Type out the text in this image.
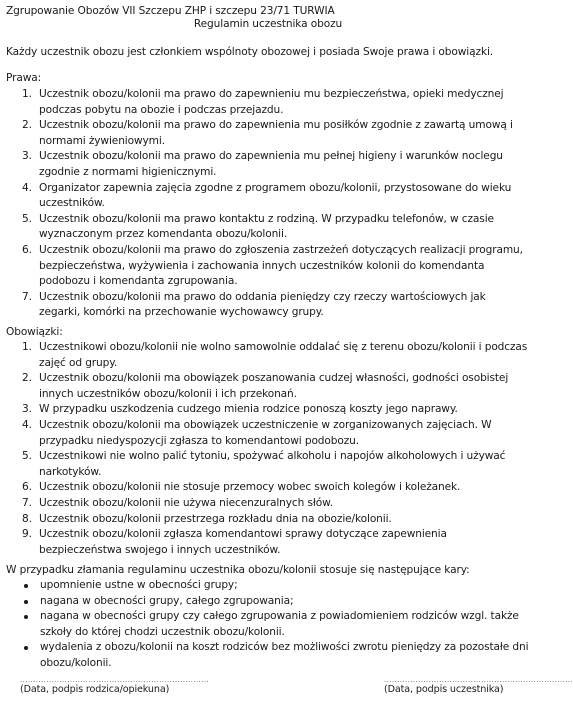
Zgrupowanie Obozów VII Szczepu ZHP i szczepu 23/71 TURWIA
Regulamin uczestnika obozu
Każdy uczestnik obozu jest członkiem wspólnoty obozowej i posiada Swoje prawa i obowiązki.
Prawa:
1. Uczestnik obozu/kolonii ma prawo do zapewnieniu mu bezpieczeństwa, opieki medycznej podczas pobytu na obozie i podczas przejazdu.
2. Uczestnik obozu/kolonii ma prawo do zapewnienia mu posiłków zgodnie z zawartą umową i normami żywieniowymi.
3. Uczestnik obozu/kolonii ma prawo do zapewnienia mu pełnej higieny i warunków noclegu zgodnie z normami higienicznymi.
4. Organizator zapewnia zajęcia zgodne z programem obozu/kolonii, przystosowane do wieku uczestników.
5. Uczestnik obozu/kolonii ma prawo kontaktu z rodziną. W przypadku telefonów, w czasie wyznaczonym przez komendanta obozu/kolonii.
6. Uczestnik obozu/kolonii ma prawo do zgłoszenia zastrzeżeń dotyczących realizacji programu, bezpieczeństwa, wyżywienia i zachowania innych uczestników kolonii do komendanta podobozu i komendanta zgrupowania.
7. Uczestnik obozu/kolonii ma prawo do oddania pieniędzy czy rzeczy wartościowych jak zegarki, komórki na przechowanie wychowawcy grupy.
Obowiązki:
1. Uczestnikowi obozu/kolonii nie wolno samowolnie oddalać się z terenu obozu/kolonii i podczas zajęć od grupy.
2. Uczestnik obozu/kolonii ma obowiązek poszanowania cudzej własności, godności osobistej innych uczestników obozu/kolonii i ich przekonań.
3. W przypadku uszkodzenia cudzego mienia rodzice ponoszą koszty jego naprawy.
4. Uczestnik obozu/kolonii ma obowiązek uczestniczenie w zorganizowanych zajęciach. W przypadku niedyspozycji zgłasza to komendantowi podobozu.
5. Uczestnikowi nie wolno palić tytoniu, spożywać alkoholu i napojów alkoholowych i używać narkotyków.
6. Uczestnik obozu/kolonii nie stosuje przemocy wobec swoich kolegów i koleżanek.
7. Uczestnik obozu/kolonii nie używa niecenzuralnych słów.
8. Uczestnik obozu/kolonii przestrzega rozkładu dnia na obozie/kolonii.
9. Uczestnik obozu/kolonii zgłasza komendantowi sprawy dotyczące zapewnienia bezpieczeństwa swojego i innych uczestników.
W przypadku złamania regulaminu uczestnika obozu/kolonii stosuje się następujące kary:
upomnienie ustne w obecności grupy;
nagana w obecności grupy, całego zgrupowania;
nagana w obecności grupy czy całego zgrupowania z powiadomieniem rodziców wzgl. także szkoły do której chodzi uczestnik obozu/kolonii.
wydalenia z obozu/kolonii na koszt rodziców bez możliwości zwrotu pieniędzy za pozostałe dni obozu/kolonii.
........................................................................
(Data, podpis rodzica/opiekuna)
........................................................................
(Data, podpis uczestnika)
